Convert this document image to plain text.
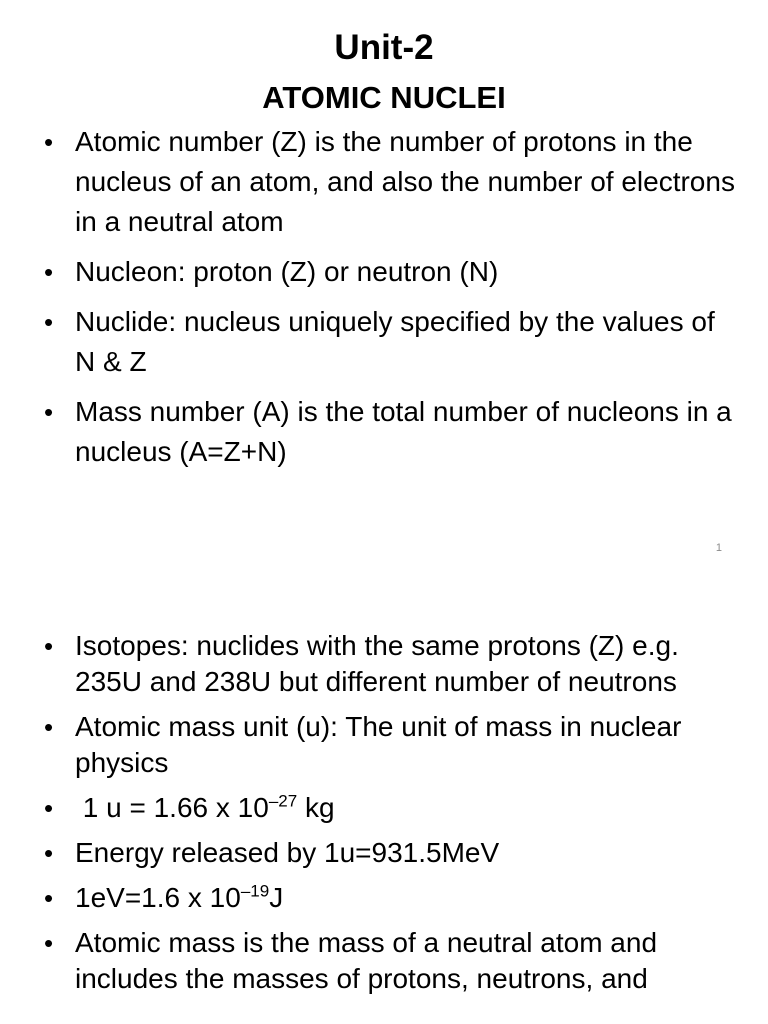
Unit-2
ATOMIC NUCLEI
• Atomic number (Z) is the number of protons in the nucleus of an atom, and also the number of electrons in a neutral atom
• Nucleon: proton (Z) or neutron (N)
• Nuclide: nucleus uniquely specified by the values of N & Z
• Mass number (A) is the total number of nucleons in a nucleus (A=Z+N)
1
• Isotopes: nuclides with the same protons (Z) e.g. 235U and 238U but different number of neutrons
• Atomic mass unit (u): The unit of mass in nuclear physics
• 1 u = 1.66 x $10^{-27}$ kg
• Energy released by 1u=931.5MeV
• 1eV=1.6 x $10^{-19}J$
• Atomic mass is the mass of a neutral atom and includes the masses of protons, neutrons, and
